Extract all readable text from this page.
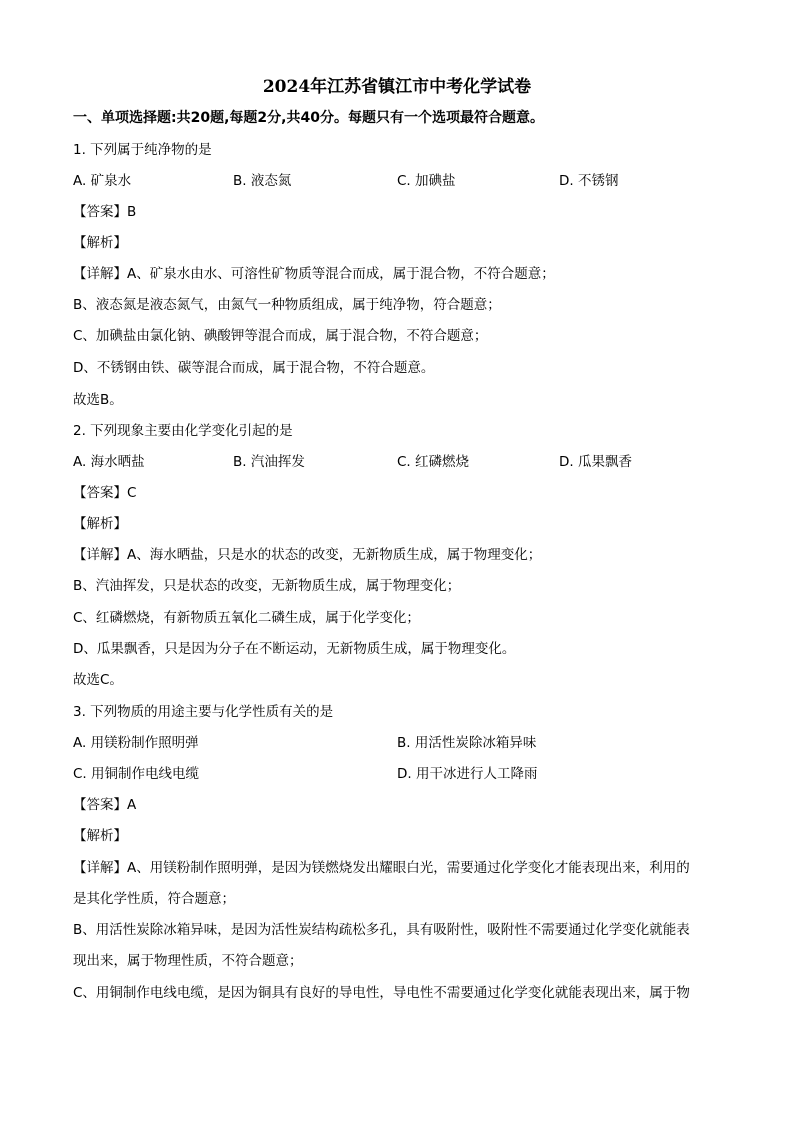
2024年江苏省镇江市中考化学试卷
一、单项选择题:共20题,每题2分,共40分。每题只有一个选项最符合题意。
1. 下列属于纯净物的是
A. 矿泉水	B. 液态氮	C. 加碘盐	D. 不锈钢
【答案】B
【解析】
【详解】A、矿泉水由水、可溶性矿物质等混合而成，属于混合物，不符合题意；
B、液态氮是液态氮气，由氮气一种物质组成，属于纯净物，符合题意；
C、加碘盐由氯化钠、碘酸钾等混合而成，属于混合物，不符合题意；
D、不锈钢由铁、碳等混合而成，属于混合物，不符合题意。
故选B。
2. 下列现象主要由化学变化引起的是
A. 海水晒盐	B. 汽油挥发	C. 红磷燃烧	D. 瓜果飘香
【答案】C
【解析】
【详解】A、海水晒盐，只是水的状态的改变，无新物质生成，属于物理变化；
B、汽油挥发，只是状态的改变，无新物质生成，属于物理变化；
C、红磷燃烧，有新物质五氧化二磷生成，属于化学变化；
D、瓜果飘香，只是因为分子在不断运动，无新物质生成，属于物理变化。
故选C。
3. 下列物质的用途主要与化学性质有关的是
A. 用镁粉制作照明弹	B. 用活性炭除冰箱异味
C. 用铜制作电线电缆	D. 用干冰进行人工降雨
【答案】A
【解析】
【详解】A、用镁粉制作照明弹，是因为镁燃烧发出耀眼白光，需要通过化学变化才能表现出来，利用的
是其化学性质，符合题意；
B、用活性炭除冰箱异味，是因为活性炭结构疏松多孔，具有吸附性，吸附性不需要通过化学变化就能表
现出来，属于物理性质，不符合题意；
C、用铜制作电线电缆，是因为铜具有良好的导电性，导电性不需要通过化学变化就能表现出来，属于物
